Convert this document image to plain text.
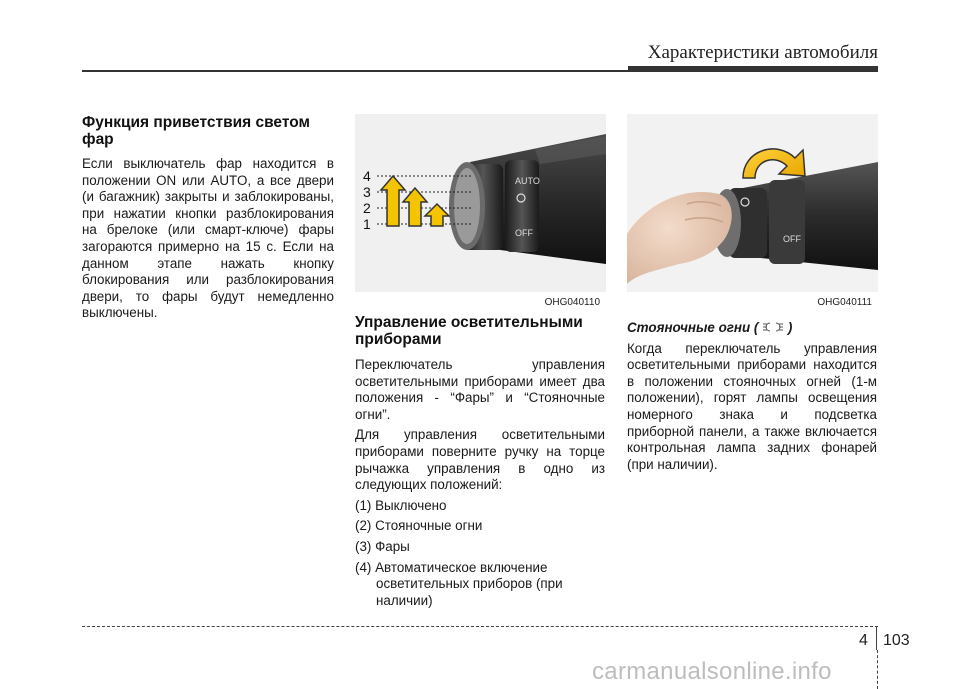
Характеристики автомобиля
Функция приветствия светом фар

Если выключатель фар находится в положении ON или AUTO, а все двери (и багажник) закрыты и заблокированы, при нажатии кнопки разблокирования на брелоке (или смарт-ключе) фары загораются примерно на 15 с. Если на данном этапе нажать кнопку блокирования или разблокирования двери, то фары будут немедленно выключены.

AUTO
OFF
4
3
2
1
OHG040110
OFF
OHG040111
Управление осветительными приборами

Переключатель управления осветительными приборами имеет два положения - “Фары” и “Стояночные огни”.

Для управления осветительными приборами поверните ручку на торце рычажка управления в одно из следующих положений:

(1) Выключено
(2) Стояночные огни
(3) Фары
(4) Автоматическое включение осветительных приборов (при наличии)
Стояночные огни ( )

Когда переключатель управления осветительными приборами находится в положении стояночных огней (1-м положении), горят лампы освещения номерного знака и подсветка приборной панели, а также включается контрольная лампа задних фонарей (при наличии).

4 103
carmanualsonline.info
